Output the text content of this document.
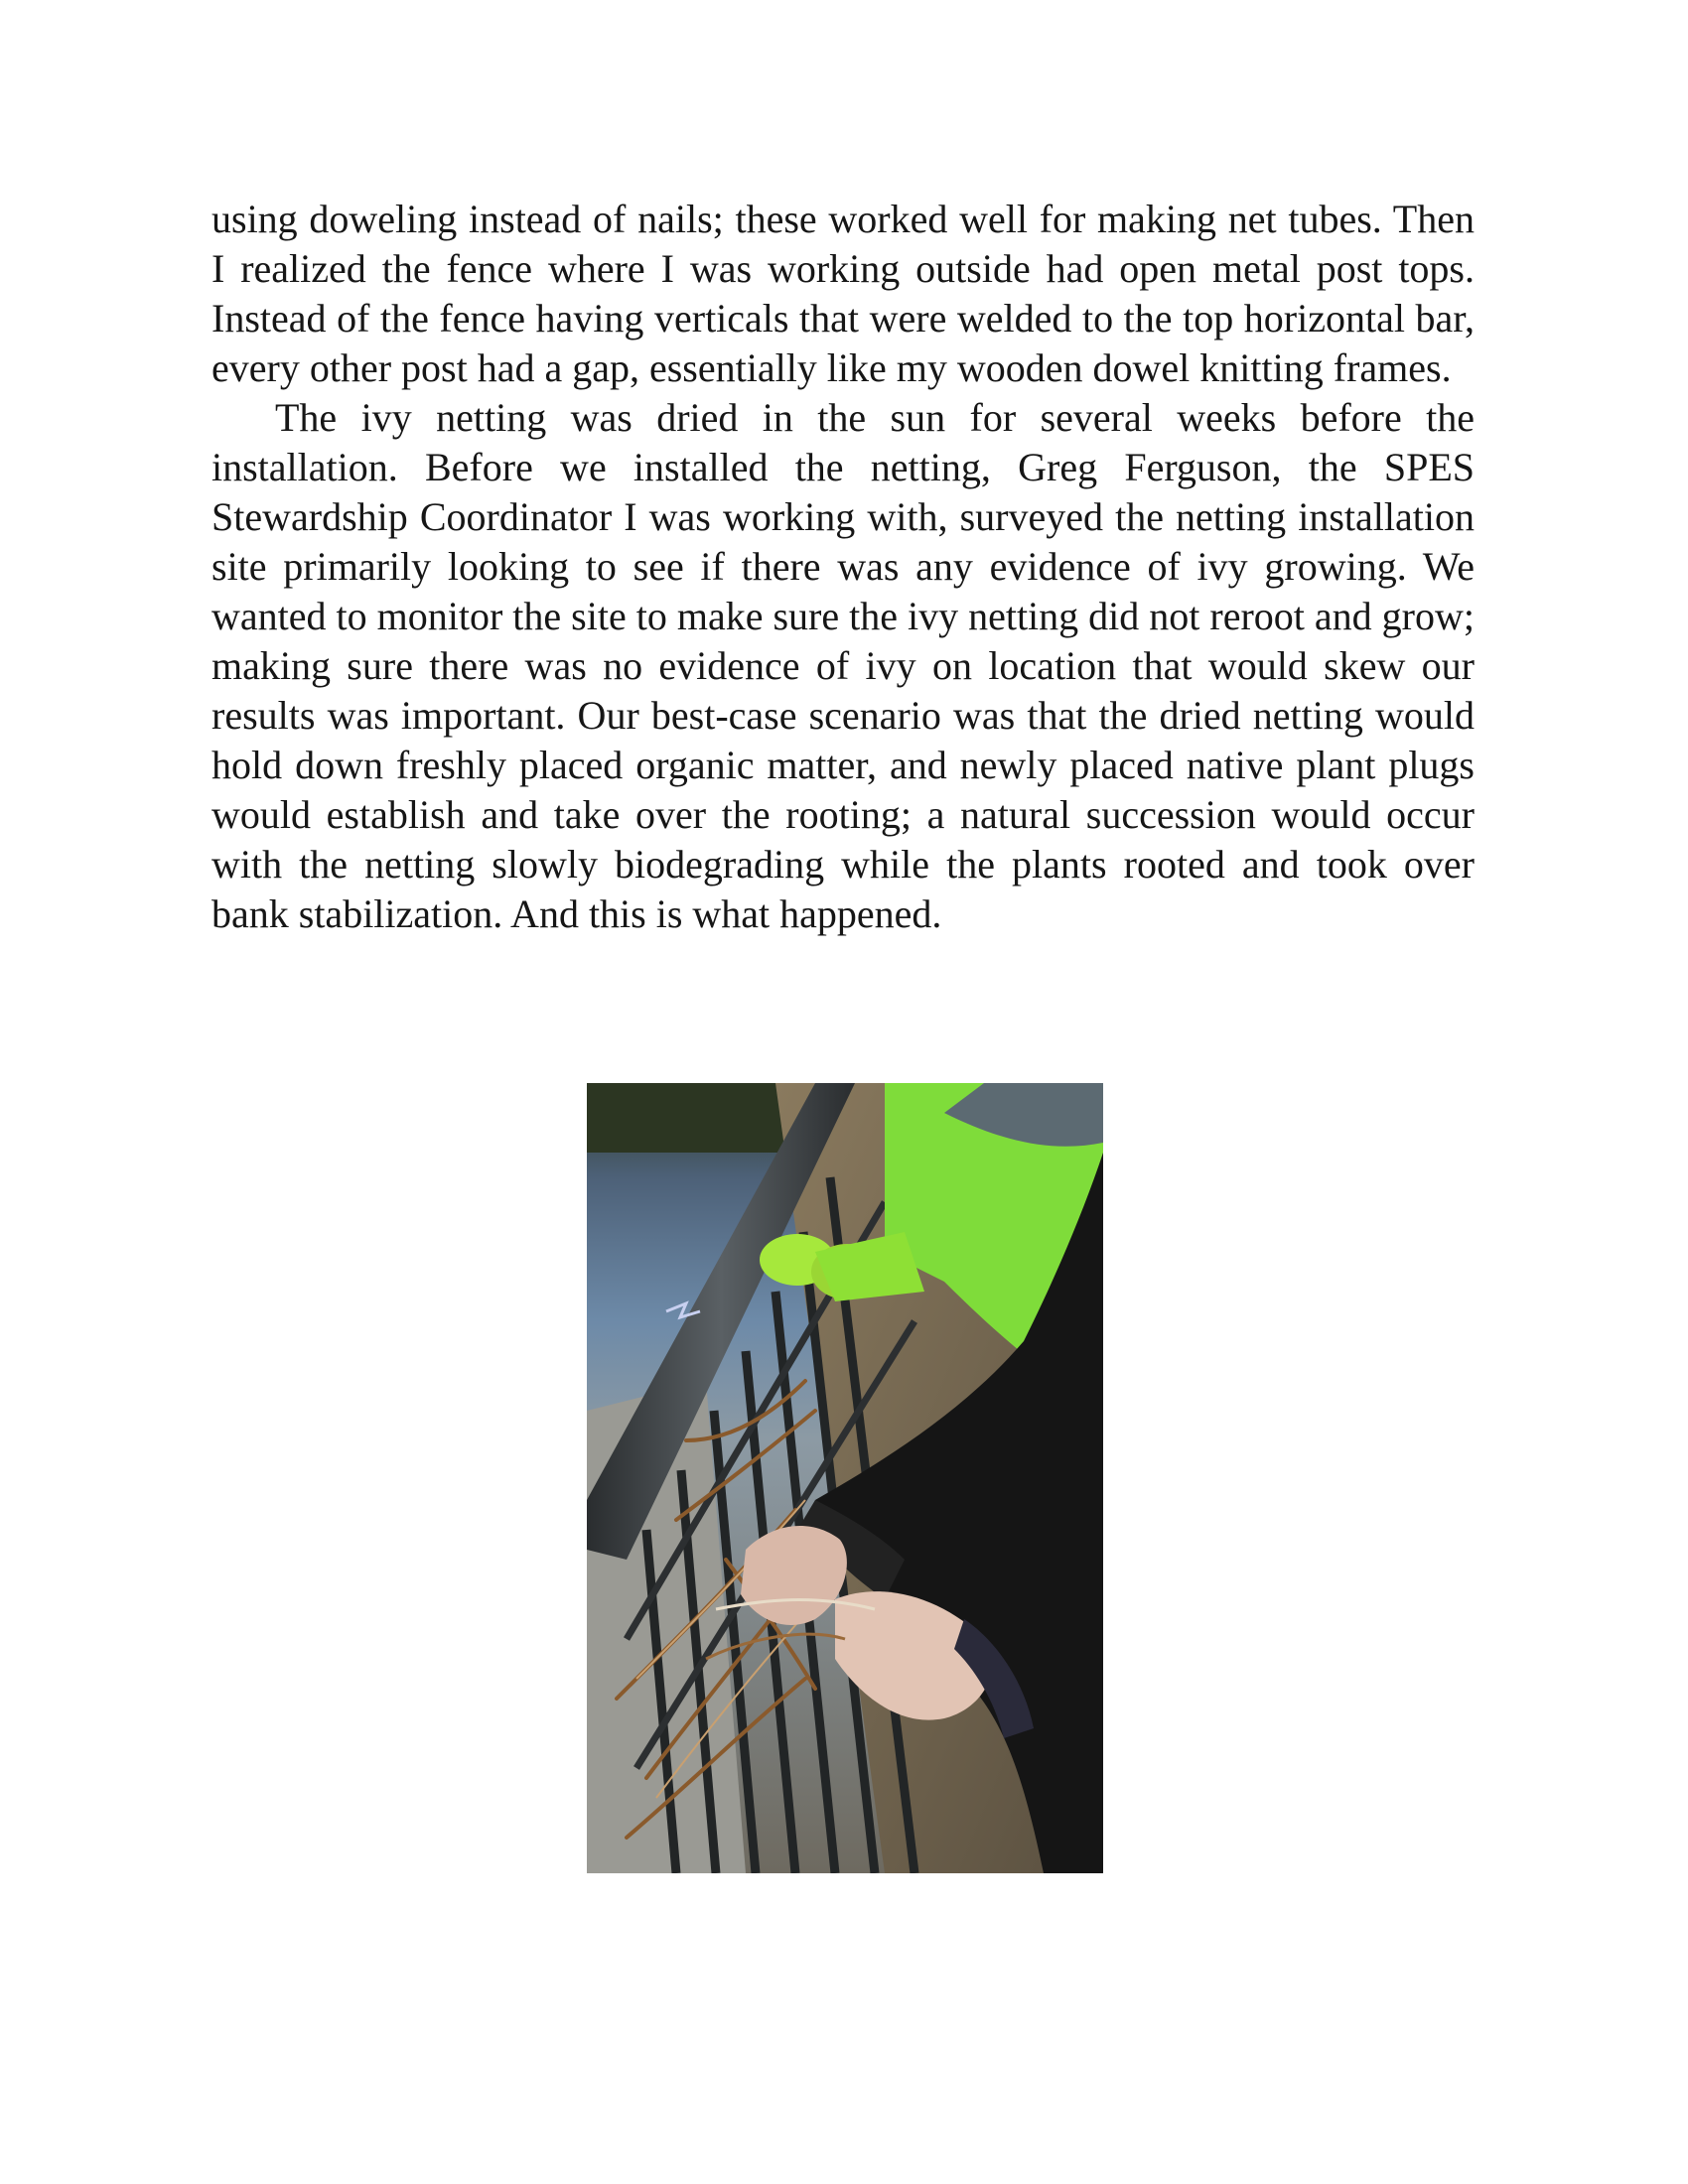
using doweling instead of nails; these worked well for making net tubes. Then I realized the fence where I was working outside had open metal post tops. Instead of the fence having verticals that were welded to the top horizontal bar, every other post had a gap, essentially like my wooden dowel knitting frames.

The ivy netting was dried in the sun for several weeks before the installation. Before we installed the netting, Greg Ferguson, the SPES Stewardship Coordinator I was working with, surveyed the netting installation site primarily looking to see if there was any evidence of ivy growing. We wanted to monitor the site to make sure the ivy netting did not reroot and grow; making sure there was no evidence of ivy on location that would skew our results was important. Our best-case scenario was that the dried netting would hold down freshly placed organic matter, and newly placed native plant plugs would establish and take over the rooting; a natural succession would occur with the netting slowly biodegrading while the plants rooted and took over bank stabilization. And this is what happened.
